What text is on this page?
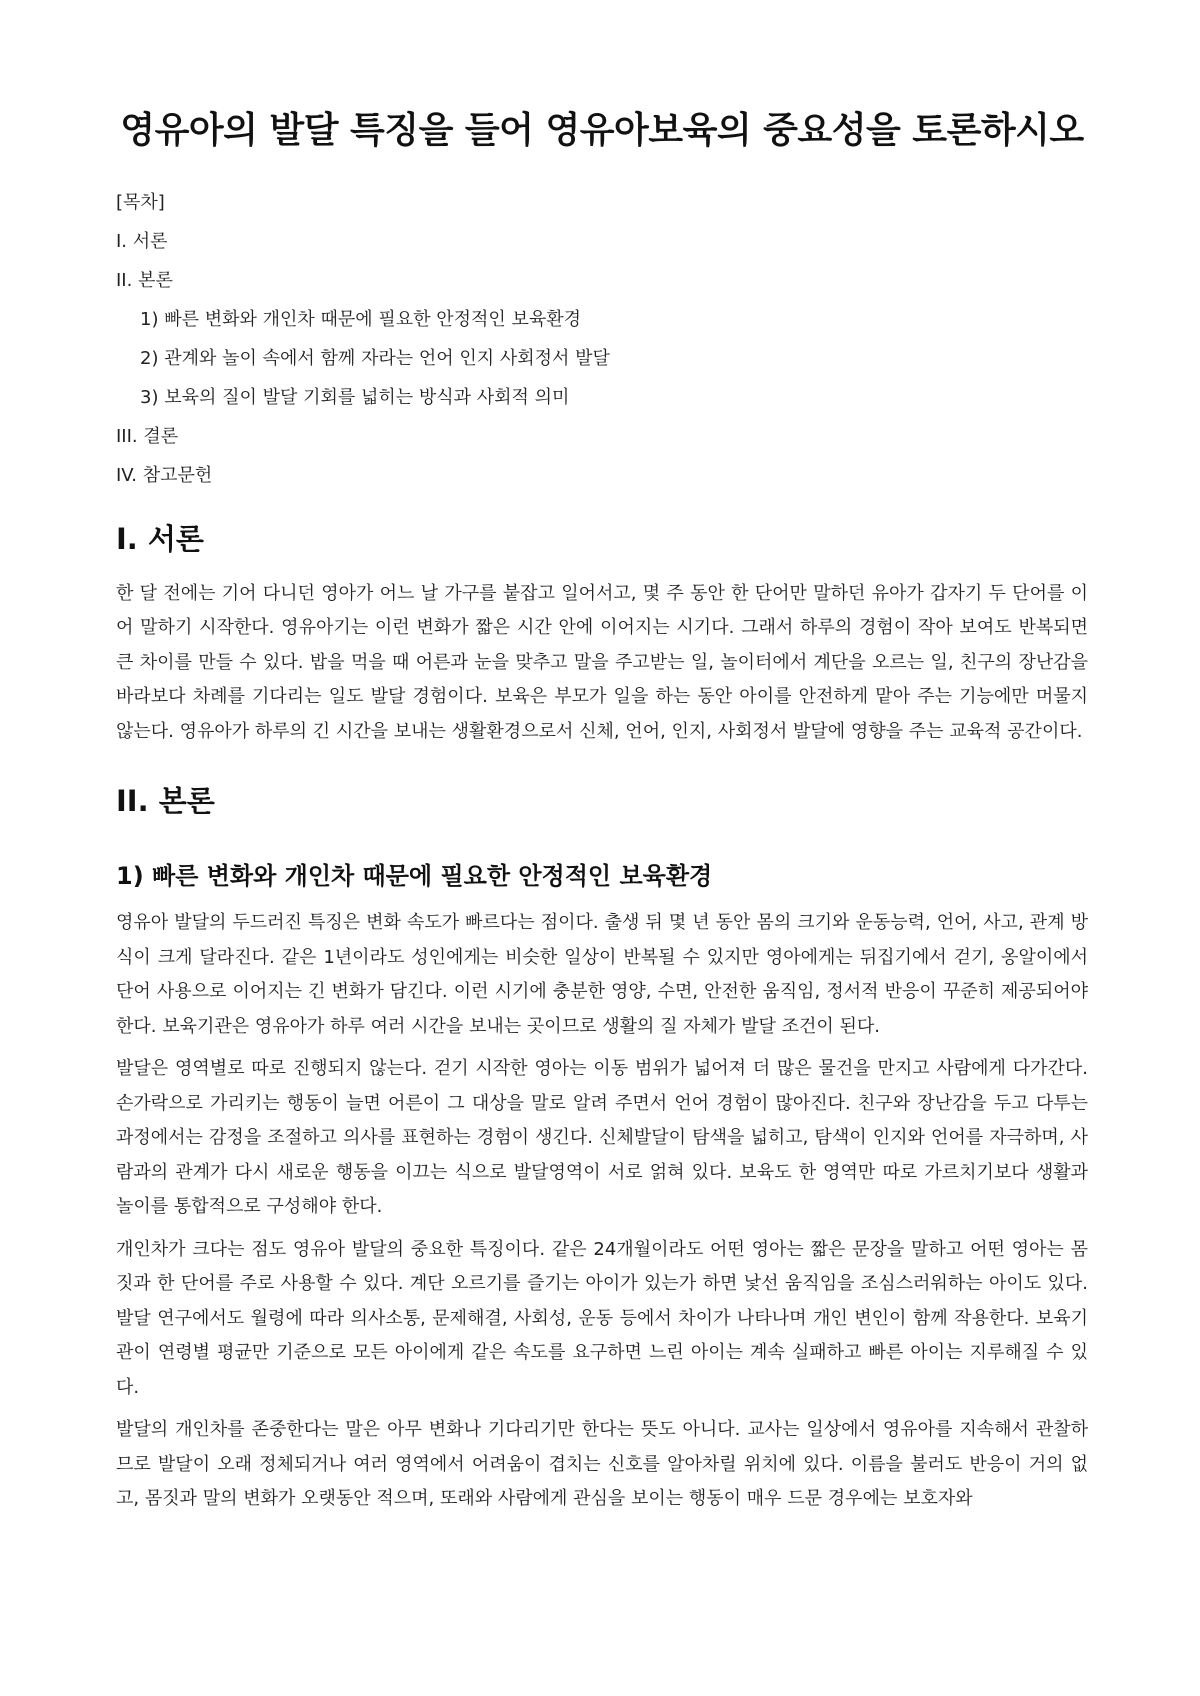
영유아의 발달 특징을 들어 영유아보육의 중요성을 토론하시오
[목차]
I. 서론
II. 본론
1) 빠른 변화와 개인차 때문에 필요한 안정적인 보육환경
2) 관계와 놀이 속에서 함께 자라는 언어 인지 사회정서 발달
3) 보육의 질이 발달 기회를 넓히는 방식과 사회적 의미
III. 결론
IV. 참고문헌
I. 서론

한 달 전에는 기어 다니던 영아가 어느 날 가구를 붙잡고 일어서고, 몇 주 동안 한 단어만 말하던 유아가 갑자기 두 단어를 이어 말하기 시작한다. 영유아기는 이런 변화가 짧은 시간 안에 이어지는 시기다. 그래서 하루의 경험이 작아 보여도 반복되면 큰 차이를 만들 수 있다. 밥을 먹을 때 어른과 눈을 맞추고 말을 주고받는 일, 놀이터에서 계단을 오르는 일, 친구의 장난감을 바라보다 차례를 기다리는 일도 발달 경험이다. 보육은 부모가 일을 하는 동안 아이를 안전하게 맡아 주는 기능에만 머물지 않는다. 영유아가 하루의 긴 시간을 보내는 생활환경으로서 신체, 언어, 인지, 사회정서 발달에 영향을 주는 교육적 공간이다.

II. 본론
1) 빠른 변화와 개인차 때문에 필요한 안정적인 보육환경

영유아 발달의 두드러진 특징은 변화 속도가 빠르다는 점이다. 출생 뒤 몇 년 동안 몸의 크기와 운동능력, 언어, 사고, 관계 방식이 크게 달라진다. 같은 1년이라도 성인에게는 비슷한 일상이 반복될 수 있지만 영아에게는 뒤집기에서 걷기, 옹알이에서 단어 사용으로 이어지는 긴 변화가 담긴다. 이런 시기에 충분한 영양, 수면, 안전한 움직임, 정서적 반응이 꾸준히 제공되어야 한다. 보육기관은 영유아가 하루 여러 시간을 보내는 곳이므로 생활의 질 자체가 발달 조건이 된다.

발달은 영역별로 따로 진행되지 않는다. 걷기 시작한 영아는 이동 범위가 넓어져 더 많은 물건을 만지고 사람에게 다가간다. 손가락으로 가리키는 행동이 늘면 어른이 그 대상을 말로 알려 주면서 언어 경험이 많아진다. 친구와 장난감을 두고 다투는 과정에서는 감정을 조절하고 의사를 표현하는 경험이 생긴다. 신체발달이 탐색을 넓히고, 탐색이 인지와 언어를 자극하며, 사람과의 관계가 다시 새로운 행동을 이끄는 식으로 발달영역이 서로 얽혀 있다. 보육도 한 영역만 따로 가르치기보다 생활과 놀이를 통합적으로 구성해야 한다.

개인차가 크다는 점도 영유아 발달의 중요한 특징이다. 같은 24개월이라도 어떤 영아는 짧은 문장을 말하고 어떤 영아는 몸짓과 한 단어를 주로 사용할 수 있다. 계단 오르기를 즐기는 아이가 있는가 하면 낯선 움직임을 조심스러워하는 아이도 있다. 발달 연구에서도 월령에 따라 의사소통, 문제해결, 사회성, 운동 등에서 차이가 나타나며 개인 변인이 함께 작용한다. 보육기관이 연령별 평균만 기준으로 모든 아이에게 같은 속도를 요구하면 느린 아이는 계속 실패하고 빠른 아이는 지루해질 수 있다.

발달의 개인차를 존중한다는 말은 아무 변화나 기다리기만 한다는 뜻도 아니다. 교사는 일상에서 영유아를 지속해서 관찰하므로 발달이 오래 정체되거나 여러 영역에서 어려움이 겹치는 신호를 알아차릴 위치에 있다. 이름을 불러도 반응이 거의 없고, 몸짓과 말의 변화가 오랫동안 적으며, 또래와 사람에게 관심을 보이는 행동이 매우 드문 경우에는 보호자와
